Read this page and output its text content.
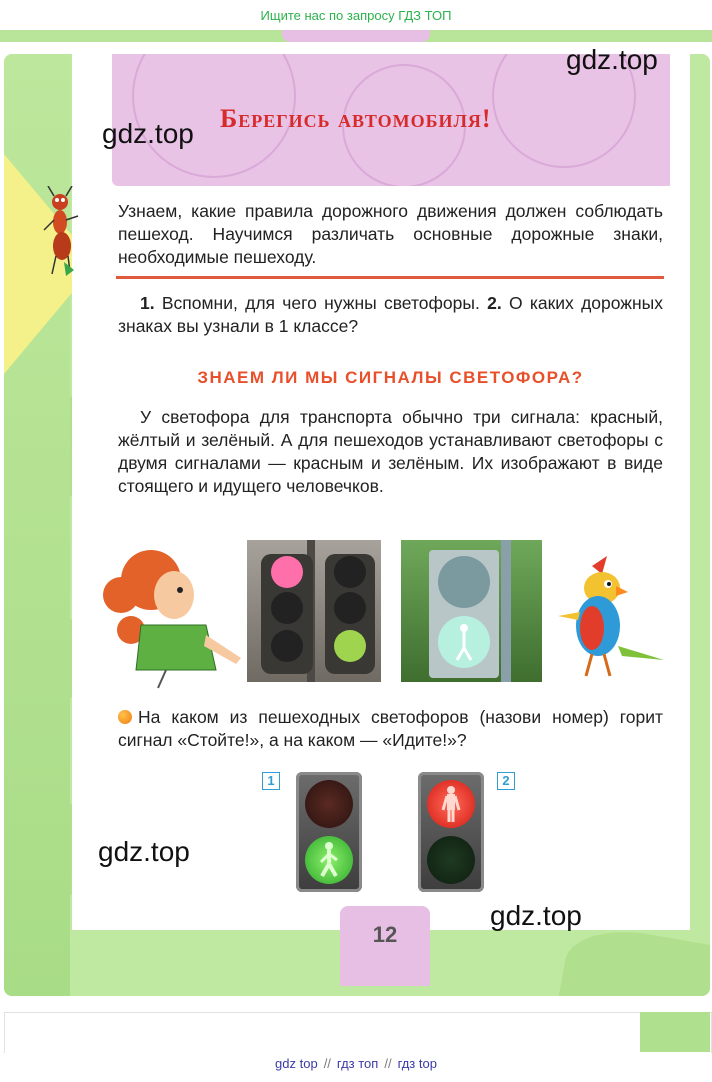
Ищите нас по запросу ГДЗ ТОП
Берегись автомобиля!
gdz.top
gdz.top
Узнаем, какие правила дорожного движения должен соблюдать пешеход. Научимся различать основные дорожные знаки, необходимые пешеходу.
1. Вспомни, для чего нужны светофоры. 2. О каких дорожных знаках вы узнали в 1 классе?
ЗНАЕМ ЛИ МЫ СИГНАЛЫ СВЕТОФОРА?
У светофора для транспорта обычно три сигнала: красный, жёлтый и зелёный. А для пешеходов устанавливают светофоры с двумя сигналами — красным и зелёным. Их изображают в виде стоящего и идущего человечков.
На каком из пешеходных светофоров (назови номер) горит сигнал «Стойте!», а на каком — «Идите!»?
1	2
gdz.top
gdz.top
12
gdz top // гдз топ // гдз top
